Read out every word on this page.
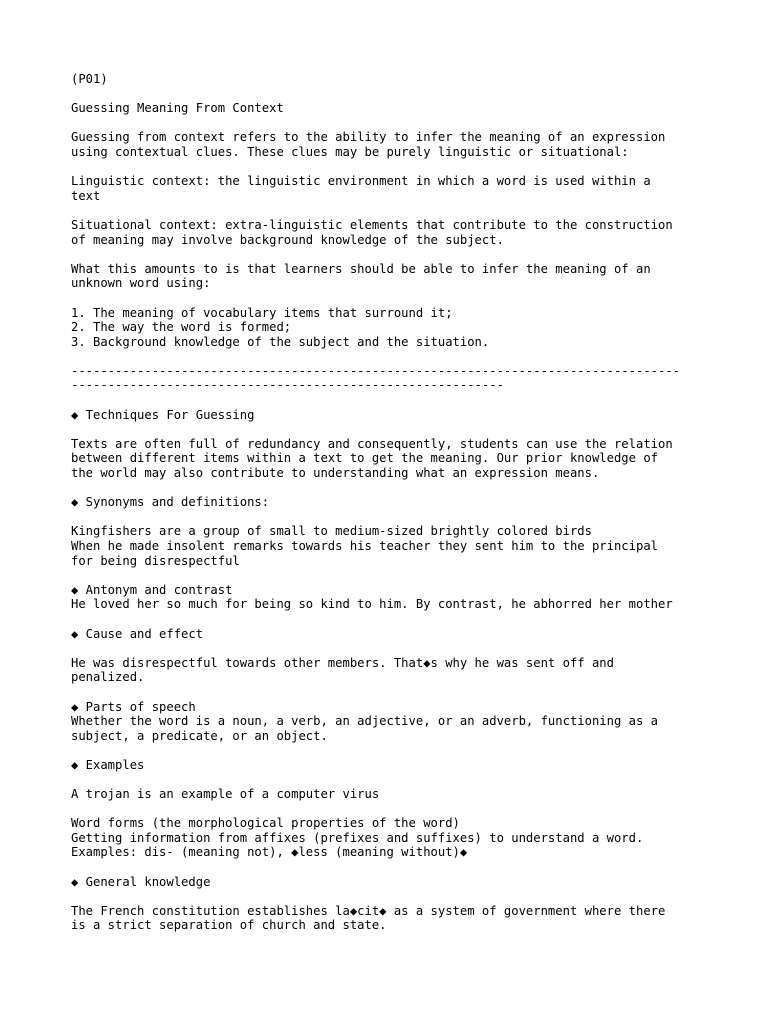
(P01)
Guessing Meaning From Context
Guessing from context refers to the ability to infer the meaning of an expression
using contextual clues. These clues may be purely linguistic or situational:
Linguistic context: the linguistic environment in which a word is used within a
text
Situational context: extra-linguistic elements that contribute to the construction
of meaning may involve background knowledge of the subject.
What this amounts to is that learners should be able to infer the meaning of an
unknown word using:
1. The meaning of vocabulary items that surround it;
2. The way the word is formed;
3. Background knowledge of the subject and the situation.
-----------------------------------------------------------------------------------
-----------------------------------------------------------
◆ Techniques For Guessing
Texts are often full of redundancy and consequently, students can use the relation
between different items within a text to get the meaning. Our prior knowledge of
the world may also contribute to understanding what an expression means.
◆ Synonyms and definitions:
Kingfishers are a group of small to medium-sized brightly colored birds
When he made insolent remarks towards his teacher they sent him to the principal
for being disrespectful
◆ Antonym and contrast
He loved her so much for being so kind to him. By contrast, he abhorred her mother
◆ Cause and effect
He was disrespectful towards other members. That◆s why he was sent off and
penalized.
◆ Parts of speech
Whether the word is a noun, a verb, an adjective, or an adverb, functioning as a
subject, a predicate, or an object.
◆ Examples
A trojan is an example of a computer virus
Word forms (the morphological properties of the word)
Getting information from affixes (prefixes and suffixes) to understand a word.
Examples: dis- (meaning not), ◆less (meaning without)◆
◆ General knowledge
The French constitution establishes la◆cit◆ as a system of government where there
is a strict separation of church and state.
